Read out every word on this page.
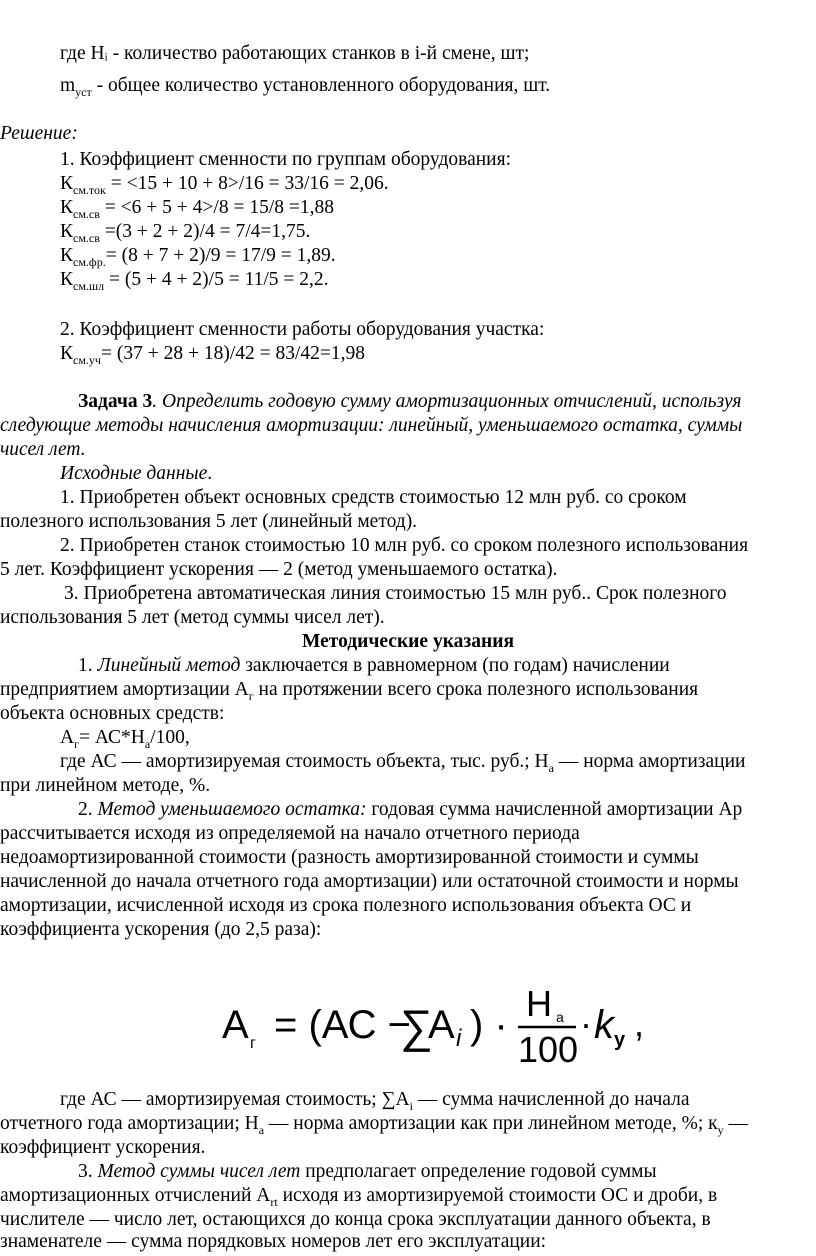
где Hᵢ - количество работающих станков в i-й смене, шт;
$m_{уст}$ - общее количество установленного оборудования, шт.
Решение:
1. Коэффициент сменности по группам оборудования:
$К_{см.ток} = <15 + 10 + 8>/16 = 33/16 = 2,06$.
$К_{см.св} = <6 + 5 + 4>/8 = 15/8 =1,88$
$К_{см.св} =(3 + 2 + 2)/4 = 7/4=1,75$.
$К_{см.фр.}= (8 + 7 + 2)/9 = 17/9 = 1,89$.
$К_{см.шл} = (5 + 4 + 2)/5 = 11/5 = 2,2$.
2. Коэффициент сменности работы оборудования участка:
$К_{см.уч}= (37 + 28 + 18)/42 = 83/42=1,98$
Задача 3. Определить годовую сумму амортизационных отчислений, используя
следующие методы начисления амортизации: линейный, уменьшаемого остатка, суммы
чисел лет.
Исходные данные.
1. Приобретен объект основных средств стоимостью 12 млн руб. со сроком
полезного использования 5 лет (линейный метод).
2. Приобретен станок стоимостью 10 млн руб. со сроком полезного использования
5 лет. Коэффициент ускорения — 2 (метод уменьшаемого остатка).
3. Приобретена автоматическая линия стоимостью 15 млн руб.. Срок полезного
использования 5 лет (метод суммы чисел лет).
Методические указания
1. Линейный метод заключается в равномерном (по годам) начислении
предприятием амортизации $А_г$ на протяжении всего срока полезного использования
объекта основных средств:
$А_г= АС*Н_а/100$,
где АС — амортизируемая стоимость объекта, тыс. руб.; $Н_а$ — норма амортизации
при линейном методе, %.
2. Метод уменьшаемого остатка: годовая сумма начисленной амортизации Ар
рассчитывается исходя из определяемой на начало отчетного периода
недоамортизированной стоимости (разность амортизированной стоимости и суммы
начисленной до начала отчетного года амортизации) или остаточной стоимости и нормы
амортизации, исчисленной исходя из срока полезного использования объекта ОС и
коэффициента ускорения (до 2,5 раза):
А г = (АС −
∑
А i ) · Н а
100
· k у ,
где АС — амортизируемая стоимость; $\sum А_i$ — сумма начисленной до начала
отчетного года амортизации; $Н_а$ — норма амортизации как при линейном методе, %; $к_у$ —
коэффициент ускорения.
3. Метод суммы чисел лет предполагает определение годовой суммы
амортизационных отчислений $А_{rt}$ исходя из амортизируемой стоимости ОС и дроби, в
числителе — число лет, остающихся до конца срока эксплуатации данного объекта, в
знаменателе — сумма порядковых номеров лет его эксплуатации:
